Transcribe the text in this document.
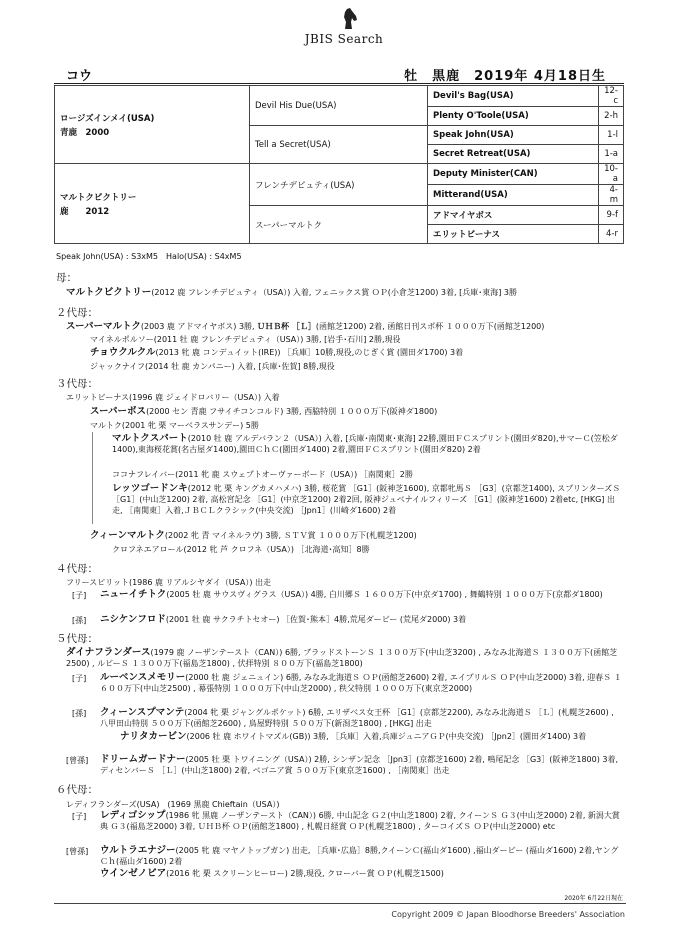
JBIS Search
コウ	牡　黒鹿　2019年 4月18日生
ロージズインメイ(USA)
青鹿　2000	Devil His Due(USA)	Devil's Bag(USA)	12-c
		Plenty O'Toole(USA)	2-h
	Tell a Secret(USA)	Speak John(USA)	1-l
		Secret Retreat(USA)	1-a

マルトクビクトリー
鹿　　2012	フレンチデピュティ(USA)	Deputy Minister(CAN)	10-a
		Mitterand(USA)	4-m
	スーパーマルトク	アドマイヤボス	9-f
		エリットビーナス	4-r
Speak John(USA) : S3xM5　Halo(USA) : S4xM5
母：
マルトクビクトリー(2012 鹿 フレンチデピュティ（USA）) 入着, フェニックス賞 ＯＰ(小倉芝1200) 3着, [兵庫･東海] 3勝
２代母：
スーパーマルトク(2003 鹿 アドマイヤボス) 3勝, ＵＨＢ杯 ［Ｌ］(函館芝1200) 2着, 函館日刊スポ杯 １０００万下(函館芝1200)
マイネルポルソー(2011 牡 鹿 フレンチデピュティ（USA）) 3勝, [岩手･石川] 2勝,現役
チョウクルクル(2013 牝 鹿 コンデュイット(IRE)) ［兵庫］10勝,現役,のじぎく賞 (園田ダ1700) 3着
ジャックナイフ(2014 牡 鹿 カンパニー) 入着, [兵庫･佐賀] 8勝,現役
３代母：
エリットビーナス(1996 鹿 ジェイドロバリー（USA）) 入着
スーパーボス(2000 セン 青鹿 フサイチコンコルド) 3勝, 西脇特別 １０００万下(阪神ダ1800)
マルトク(2001 牝 栗 マーベラスサンデー) 5勝
マルトクスパート(2010 牡 鹿 アルデバラン２（USA）) 入着, [兵庫･南関東･東海] 22勝,園田ＦＣスプリント(園田ダ820),サマーＣ(笠松ダ1400),東海桜花賞(名古屋ダ1400),園田ＣｈＣ(園田ダ1400) 2着,園田ＦＣスプリント(園田ダ820) 2着
ココナフレイバー(2011 牝 鹿 スウェプトオーヴァーボード（USA）) ［南関東］2勝
レッツゴードンキ(2012 牝 栗 キングカメハメハ) 3勝, 桜花賞 ［G1］(阪神芝1600), 京都牝馬Ｓ ［G3］(京都芝1400), スプリンターズＳ ［G1］(中山芝1200) 2着, 高松宮記念 ［G1］(中京芝1200) 2着2回, 阪神ジュベナイルフィリーズ ［G1］(阪神芝1600) 2着etc, [HKG] 出走, ［南関東］入着,ＪＢＣＬクラシック(中央交流) ［Jpn1］(川崎ダ1600) 2着
クィーンマルトク(2002 牝 青 マイネルラヴ) 3勝, ＳＴＶ賞 １０００万下(札幌芝1200)
クロフネエアロール(2012 牝 芦 クロフネ（USA）) ［北海道･高知］8勝
４代母：
フリースピリット(1986 鹿 リアルシヤダイ（USA）) 出走
[子] ニューイチトク(2005 牡 鹿 サウスヴィグラス（USA）) 4勝, 白川郷Ｓ １６００万下(中京ダ1700) , 舞鶴特別 １０００万下(京都ダ1800)
[孫] ニシケンフロド(2001 牡 鹿 サクラチトセオー) ［佐賀･熊本］4勝,荒尾ダービー (荒尾ダ2000) 3着
５代母：
ダイナフランダース(1979 鹿 ノーザンテースト（CAN）) 6勝, ブラッドストーンＳ １３００万下(中山芝3200) , みなみ北海道Ｓ １３００万下(函館芝2500) , ルビーＳ １３００万下(福島芝1800) , 伏拝特別 ８００万下(福島芝1800)
[子] ルーベンスメモリー(2000 牡 鹿 ジェニュイン) 6勝, みなみ北海道Ｓ ＯＰ(函館芝2600) 2着, エイプリルＳ ＯＰ(中山芝2000) 3着, 迎春Ｓ １６００万下(中山芝2500) , 幕張特別 １０００万下(中山芝2000) , 秩父特別 １０００万下(東京芝2000)
[孫] クィーンスプマンテ(2004 牝 栗 ジャングルポケット) 6勝, エリザベス女王杯 ［G1］(京都芝2200), みなみ北海道Ｓ ［Ｌ］(札幌芝2600) , 八甲田山特別 ５００万下(函館芝2600) , 鳥屋野特別 ５００万下(新潟芝1800) , [HKG] 出走
ナリタカービン(2006 牡 鹿 ホワイトマズル(GB)) 3勝, ［兵庫］入着,兵庫ジュニアＧＰ(中央交流) ［Jpn2］(園田ダ1400) 3着
[曾孫] ドリームガードナー(2005 牡 栗 トワイニング（USA）) 2勝, シンザン記念 ［Jpn3］(京都芝1600) 2着, 鳴尾記念 ［G3］(阪神芝1800) 3着, ディセンバーＳ ［Ｌ］(中山芝1800) 2着, ベゴニア賞 ５００万下(東京芝1600) , ［南関東］出走
６代母：
レディフランダーズ(USA)　(1969 黒鹿 Chieftain（USA）)
[子] レディゴシップ(1986 牝 黒鹿 ノーザンテースト（CAN）) 6勝, 中山記念 Ｇ２(中山芝1800) 2着, クイーンＳ Ｇ３(中山芝2000) 2着, 新潟大賞典 Ｇ３(福島芝2000) 3着, ＵＨＢ杯 ＯＰ(函館芝1800) , 札幌日経賞 ＯＰ(札幌芝1800) , ターコイズＳ ＯＰ(中山芝2000) etc
[曾孫] ウルトラエナジー(2005 牝 鹿 マヤノトップガン) 出走, ［兵庫･広島］8勝,クイーンＣ(福山ダ1600) ,福山ダービー (福山ダ1600) 2着,ヤングＣｈ(福山ダ1600) 2着
ウインゼノビア(2016 牝 栗 スクリーンヒーロー) 2勝,現役, クローバー賞 ＯＰ(札幌芝1500)
2020年 6月22日現在
Copyright 2009 © Japan Bloodhorse Breeders' Association
